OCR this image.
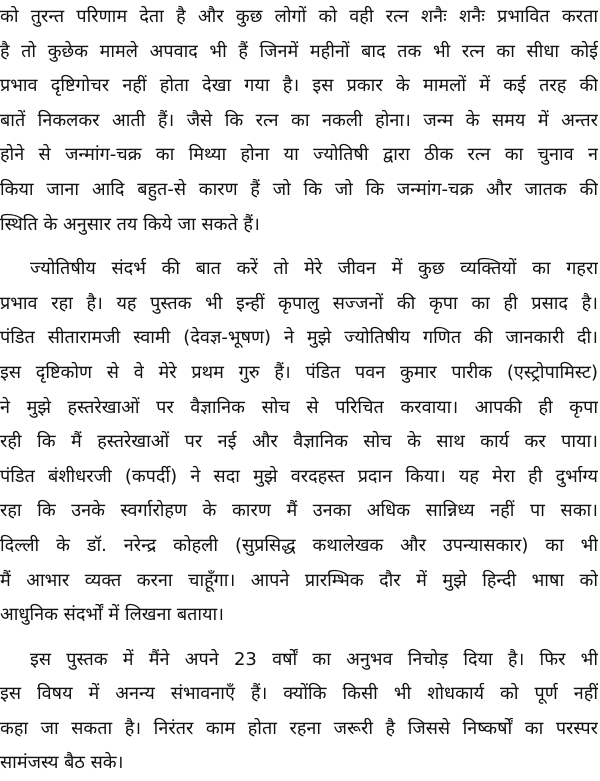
को तुरन्त परिणाम देता है और कुछ लोगों को वही रत्न शनैः शनैः प्रभावित करता
है तो कुछेक मामले अपवाद भी हैं जिनमें महीनों बाद तक भी रत्न का सीधा कोई
प्रभाव दृष्टिगोचर नहीं होता देखा गया है। इस प्रकार के मामलों में कई तरह की
बातें निकलकर आती हैं। जैसे कि रत्न का नकली होना। जन्म के समय में अन्तर
होने से जन्मांग-चक्र का मिथ्या होना या ज्योतिषी द्वारा ठीक रत्न का चुनाव न
किया जाना आदि बहुत-से कारण हैं जो कि जो कि जन्मांग-चक्र और जातक की
स्थिति के अनुसार तय किये जा सकते हैं।
ज्योतिषीय संदर्भ की बात करें तो मेरे जीवन में कुछ व्यक्तियों का गहरा
प्रभाव रहा है। यह पुस्तक भी इन्हीं कृपालु सज्जनों की कृपा का ही प्रसाद है।
पंडित सीतारामजी स्वामी (देवज्ञ-भूषण) ने मुझे ज्योतिषीय गणित की जानकारी दी।
इस दृष्टिकोण से वे मेरे प्रथम गुरु हैं। पंडित पवन कुमार पारीक (एस्ट्रोपामिस्ट)
ने मुझे हस्तरेखाओं पर वैज्ञानिक सोच से परिचित करवाया। आपकी ही कृपा
रही कि मैं हस्तरेखाओं पर नई और वैज्ञानिक सोच के साथ कार्य कर पाया।
पंडित बंशीधरजी (कपर्दी) ने सदा मुझे वरदहस्त प्रदान किया। यह मेरा ही दुर्भाग्य
रहा कि उनके स्वर्गारोहण के कारण मैं उनका अधिक सान्निध्य नहीं पा सका।
दिल्ली के डॉ. नरेन्द्र कोहली (सुप्रसिद्ध कथालेखक और उपन्यासकार) का भी
मैं आभार व्यक्त करना चाहूँगा। आपने प्रारम्भिक दौर में मुझे हिन्दी भाषा को
आधुनिक संदर्भों में लिखना बताया।
इस पुस्तक में मैंने अपने 23 वर्षों का अनुभव निचोड़ दिया है। फिर भी
इस विषय में अनन्य संभावनाएँ हैं। क्योंकि किसी भी शोधकार्य को पूर्ण नहीं
कहा जा सकता है। निरंतर काम होता रहना जरूरी है जिससे निष्कर्षों का परस्पर
सामंजस्य बैठ सके।
